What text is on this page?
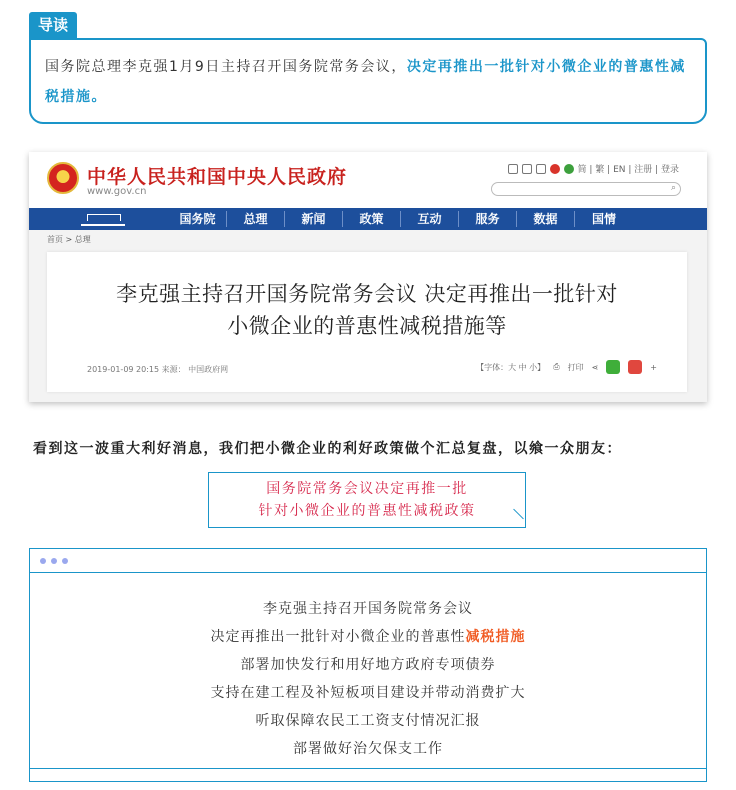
导读
国务院总理李克强1月9日主持召开国务院常务会议，决定再推出一批针对小微企业的普惠性减税措施。
中华人民共和国中央人民政府
www.gov.cn
简 | 繁 | EN | 注册 | 登录
⌕
国务院	总理	新闻	政策	互动	服务	数据	国情
首页 > 总理
李克强主持召开国务院常务会议 决定再推出一批针对
小微企业的普惠性减税措施等
2019-01-09 20:15 来源： 中国政府网	【字体：大 中 小】 ⎙ 打印 ⋖	+
看到这一波重大利好消息，我们把小微企业的利好政策做个汇总复盘，以飨一众朋友：
国务院常务会议决定再推一批
针对小微企业的普惠性减税政策
李克强主持召开国务院常务会议
决定再推出一批针对小微企业的普惠性减税措施
部署加快发行和用好地方政府专项债券
支持在建工程及补短板项目建设并带动消费扩大
听取保障农民工工资支付情况汇报
部署做好治欠保支工作
